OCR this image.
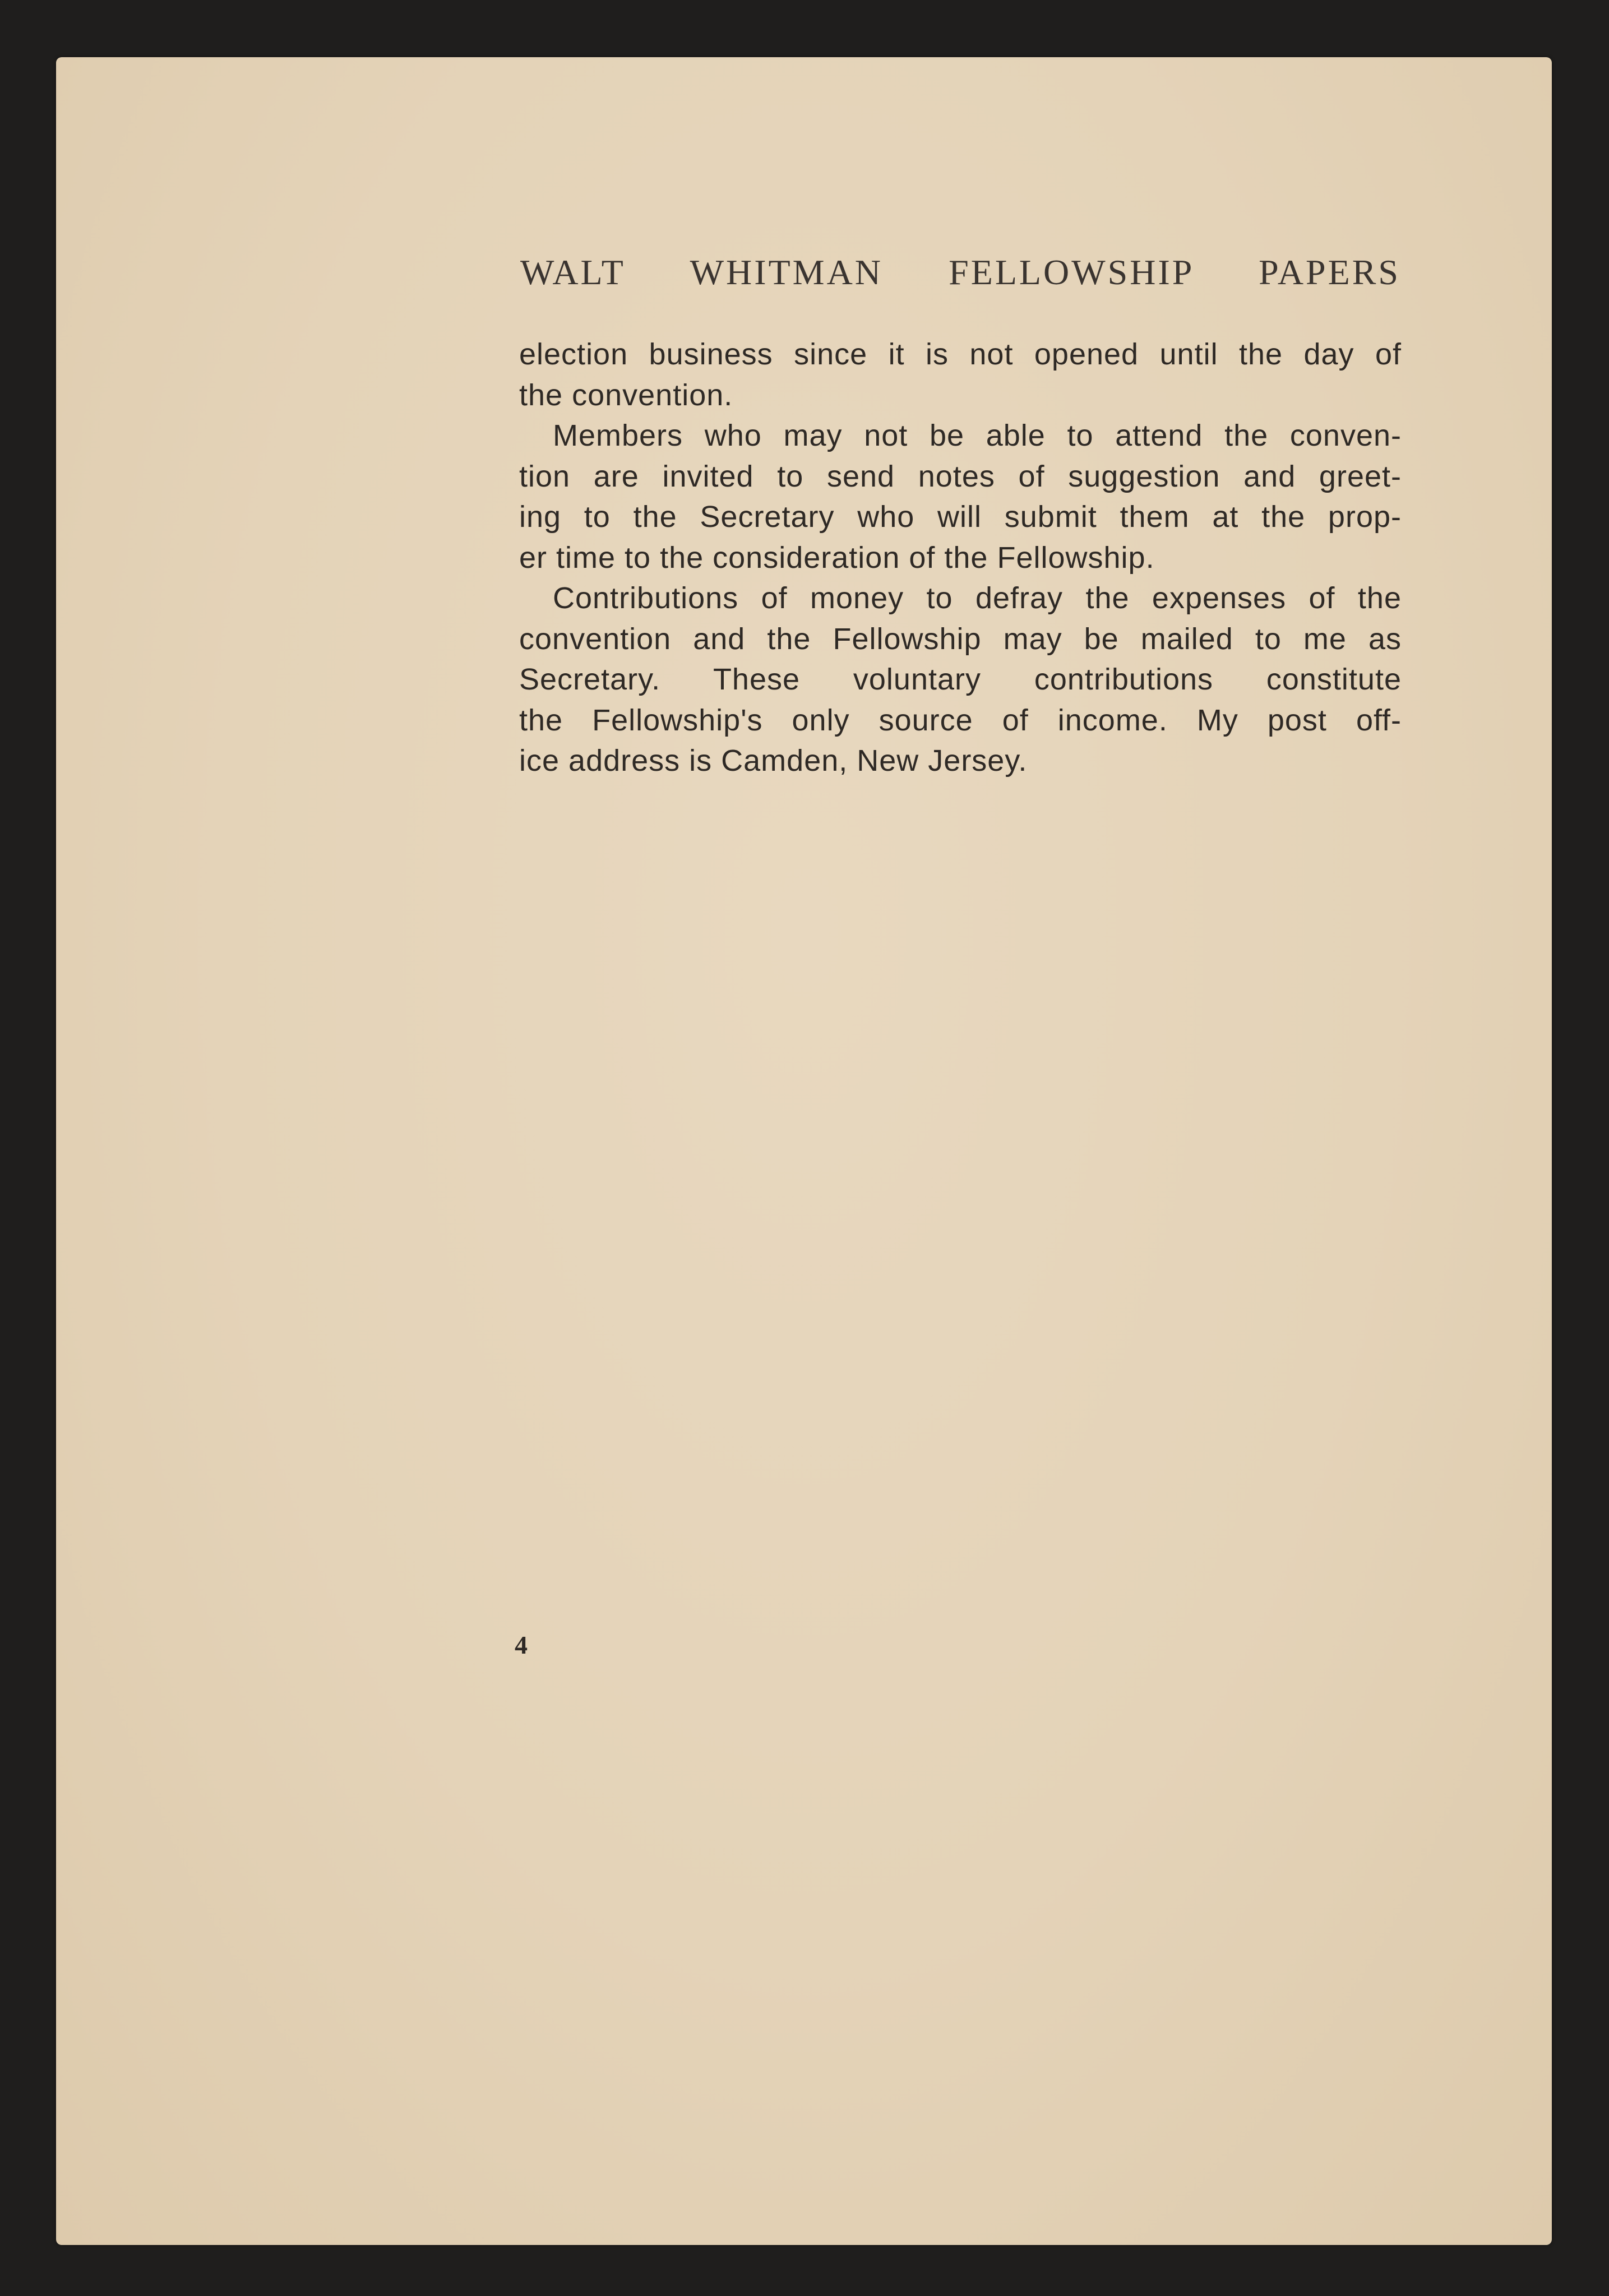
WALT WHITMAN FELLOWSHIP PAPERS
election business since it is not opened until the day of
the convention.
Members who may not be able to attend the conven-
tion are invited to send notes of suggestion and greet-
ing to the Secretary who will submit them at the prop-
er time to the consideration of the Fellowship.
Contributions of money to defray the expenses of the
convention and the Fellowship may be mailed to me as
Secretary. These voluntary contributions constitute
the Fellowship's only source of income. My post off-
ice address is Camden, New Jersey.
4
